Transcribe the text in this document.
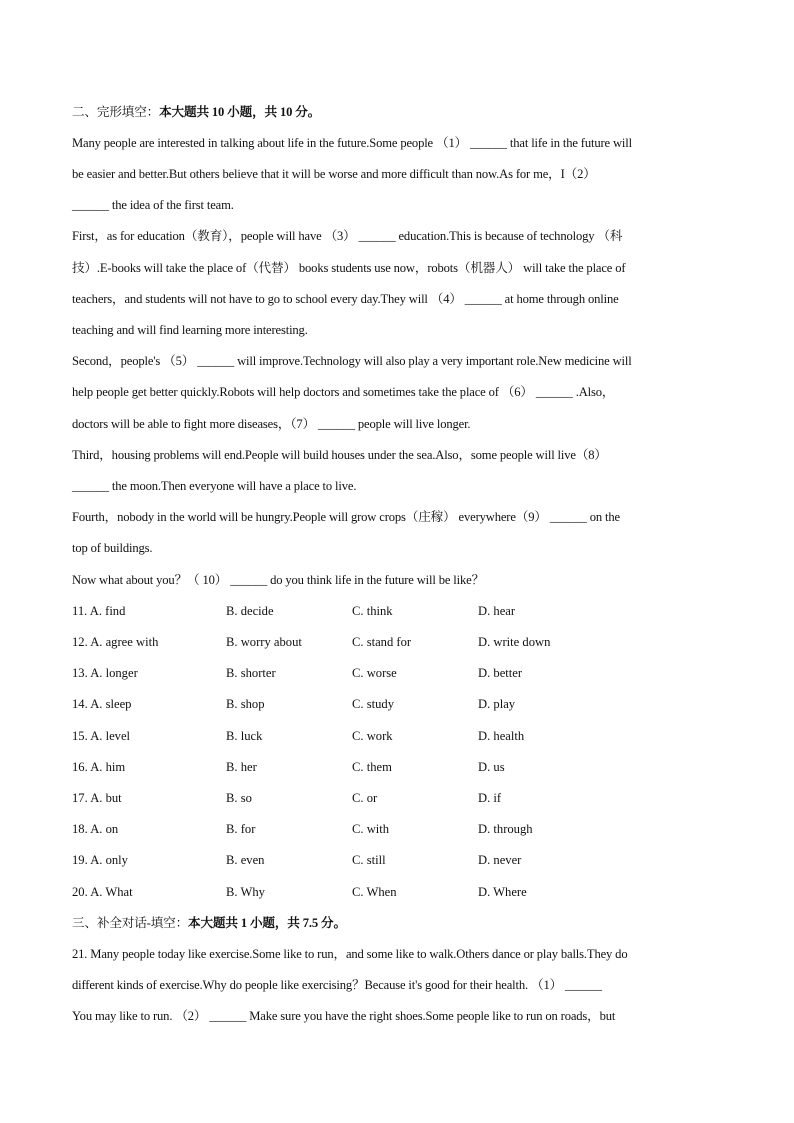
二、完形填空：本大题共 10 小题，共 10 分。
Many people are interested in talking about life in the future.Some people （1） ______ that life in the future will
be easier and better.But others believe that it will be worse and more difficult than now.As for me，I（2）
______ the idea of the first team.
First，as for education（教育），people will have （3） ______ education.This is because of technology （科
技）.E-books will take the place of（代替） books students use now，robots（机器人） will take the place of
teachers，and students will not have to go to school every day.They will （4） ______ at home through online
teaching and will find learning more interesting.
Second，people's （5） ______ will improve.Technology will also play a very important role.New medicine will
help people get better quickly.Robots will help doctors and sometimes take the place of （6） ______ .Also，
doctors will be able to fight more diseases，（7） ______ people will live longer.
Third，housing problems will end.People will build houses under the sea.Also，some people will live（8）
______ the moon.Then everyone will have a place to live.
Fourth，nobody in the world will be hungry.People will grow crops（庄稼） everywhere（9） ______ on the
top of buildings.
Now what about you？（ 10） ______ do you think life in the future will be like？
11. A. find	B. decide	C. think	D. hear
12. A. agree with	B. worry about	C. stand for	D. write down
13. A. longer	B. shorter	C. worse	D. better
14. A. sleep	B. shop	C. study	D. play
15. A. level	B. luck	C. work	D. health
16. A. him	B. her	C. them	D. us
17. A. but	B. so	C. or	D. if
18. A. on	B. for	C. with	D. through
19. A. only	B. even	C. still	D. never
20. A. What	B. Why	C. When	D. Where
三、补全对话-填空：本大题共 1 小题，共 7.5 分。
21. Many people today like exercise.Some like to run，and some like to walk.Others dance or play balls.They do
different kinds of exercise.Why do people like exercising？Because it's good for their health. （1） ______
You may like to run. （2） ______ Make sure you have the right shoes.Some people like to run on roads，but
